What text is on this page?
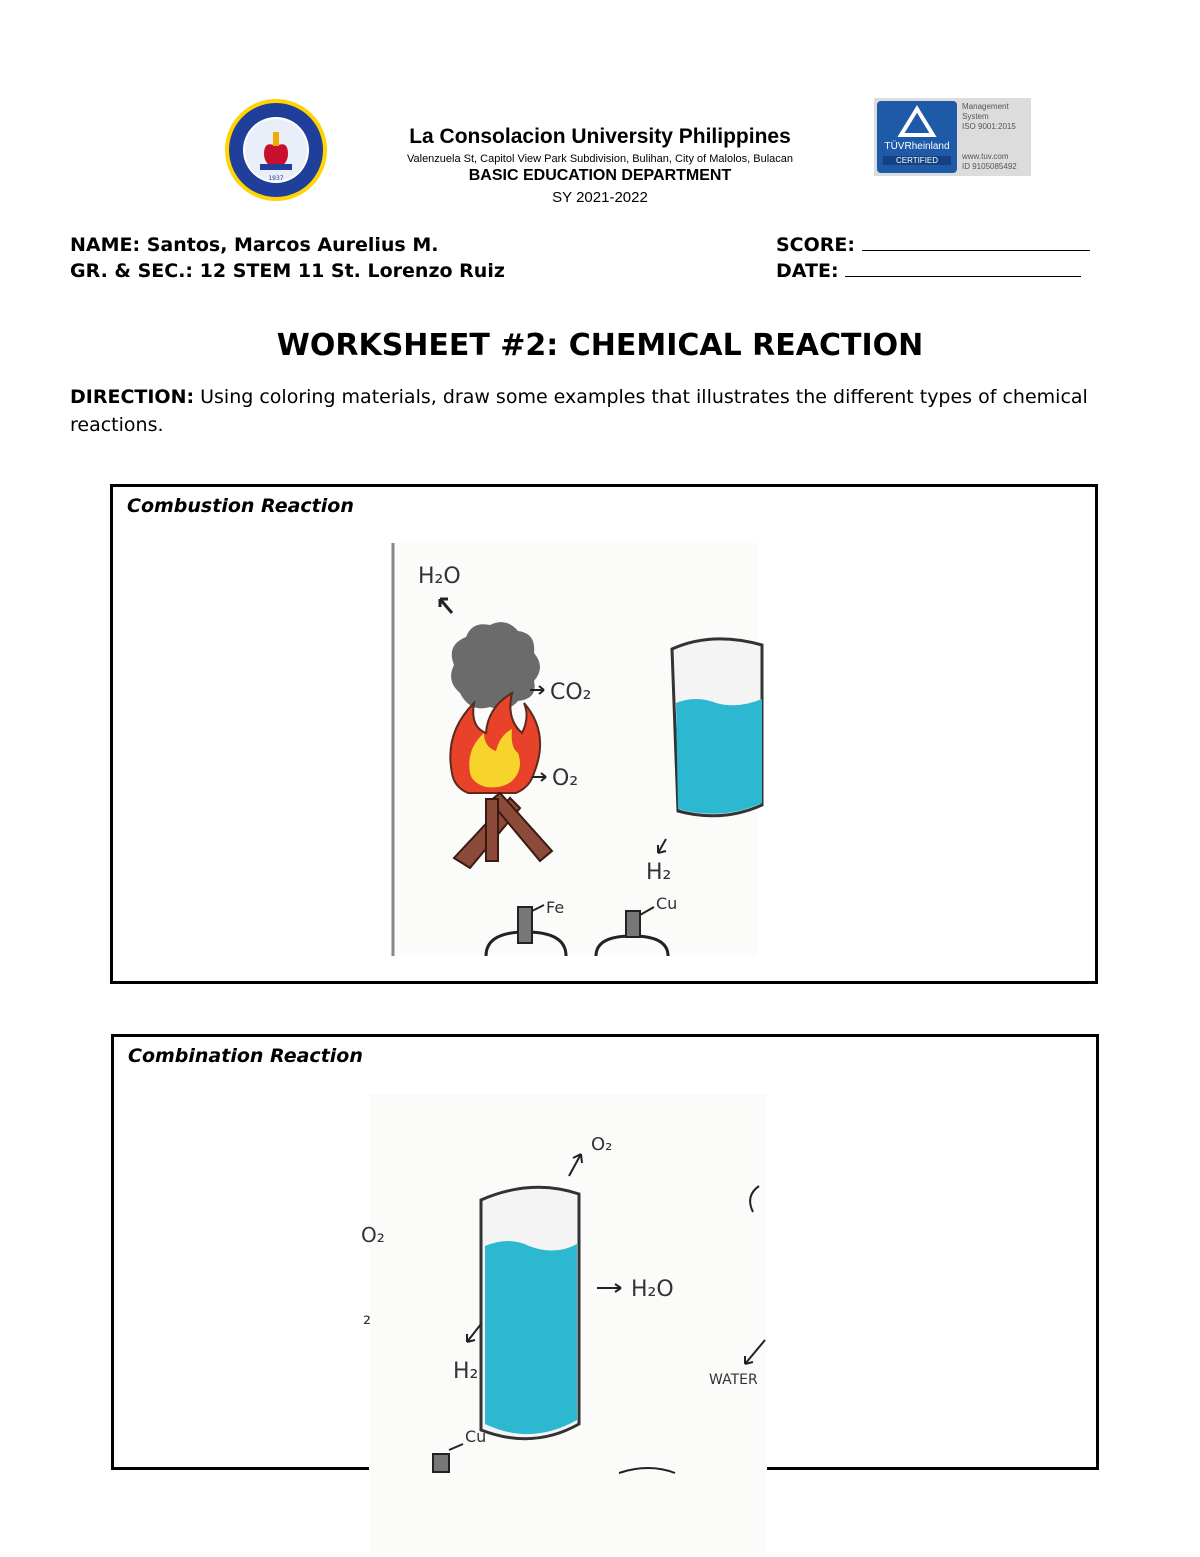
1937
La Consolacion University Philippines
Valenzuela St, Capitol View Park Subdivision, Bulihan, City of Malolos, Bulacan
BASIC EDUCATION DEPARTMENT
SY 2021-2022
TÜVRheinland
CERTIFIED
Management
System
ISO 9001:2015
www.tuv.com
ID 9105085492
NAME: Santos, Marcos Aurelius M.
GR. & SEC.: 12 STEM 11 St. Lorenzo Ruiz
SCORE:
DATE:
WORKSHEET #2: CHEMICAL REACTION
DIRECTION: Using coloring materials, draw some examples that illustrates the different types of chemical reactions.
Combustion Reaction
H₂O
CO₂
O₂
H₂
Fe	Cu
Combination Reaction
O₂
₂
O₂
H₂O
H₂	WATER
Cu
